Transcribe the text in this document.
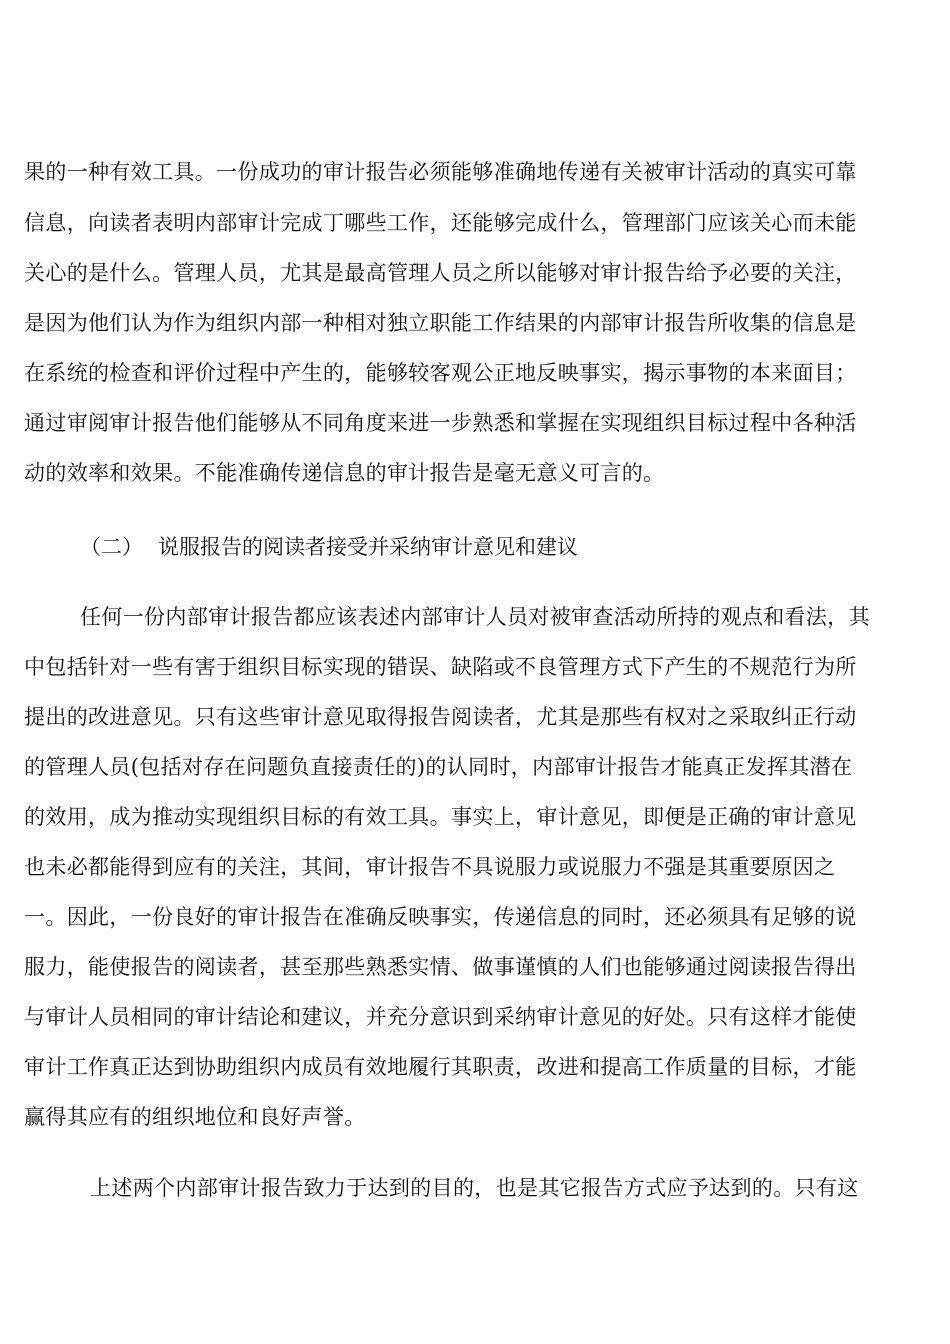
果的一种有效工具。一份成功的审计报告必须能够准确地传递有关被审计活动的真实可靠
信息，向读者表明内部审计完成丁哪些工作，还能够完成什么，管理部门应该关心而未能
关心的是什么。管理人员，尤其是最高管理人员之所以能够对审计报告给予必要的关注，
是因为他们认为作为组织内部一种相对独立职能工作结果的内部审计报告所收集的信息是
在系统的检查和评价过程中产生的，能够较客观公正地反映事实，揭示事物的本来面目；
通过审阅审计报告他们能够从不同角度来进一步熟悉和掌握在实现组织目标过程中各种活
动的效率和效果。不能准确传递信息的审计报告是毫无意义可言的。
（二） 说服报告的阅读者接受并采纳审计意见和建议
任何一份内部审计报告都应该表述内部审计人员对被审查活动所持的观点和看法，其
中包括针对一些有害于组织目标实现的错误、缺陷或不良管理方式下产生的不规范行为所
提出的改进意见。只有这些审计意见取得报告阅读者，尤其是那些有权对之采取纠正行动
的管理人员(包括对存在问题负直接责任的)的认同时，内部审计报告才能真正发挥其潜在
的效用，成为推动实现组织目标的有效工具。事实上，审计意见，即便是正确的审计意见
也未必都能得到应有的关注，其间，审计报告不具说服力或说服力不强是其重要原因之
一。因此，一份良好的审计报告在准确反映事实，传递信息的同时，还必须具有足够的说
服力，能使报告的阅读者，甚至那些熟悉实情、做事谨慎的人们也能够通过阅读报告得出
与审计人员相同的审计结论和建议，并充分意识到采纳审计意见的好处。只有这样才能使
审计工作真正达到协助组织内成员有效地履行其职责，改进和提高工作质量的目标，才能
赢得其应有的组织地位和良好声誉。
上述两个内部审计报告致力于达到的目的，也是其它报告方式应予达到的。只有这
